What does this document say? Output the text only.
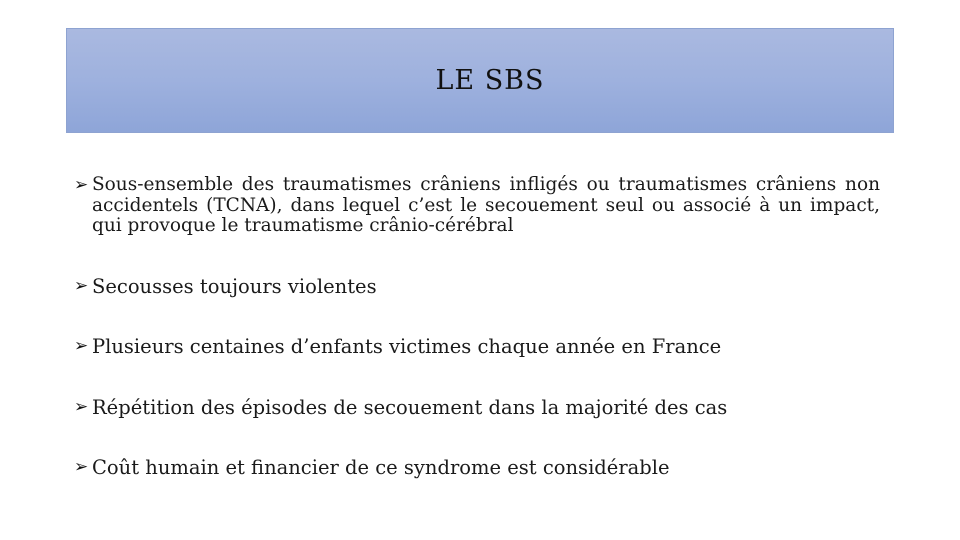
LE SBS
➢ Sous-ensemble des traumatismes crâniens infligés ou traumatismes crâniens non accidentels (TCNA), dans lequel c’est le secouement seul ou associé à un impact, qui provoque le traumatisme crânio-cérébral
➢ Secousses toujours violentes
➢ Plusieurs centaines d’enfants victimes chaque année en France
➢ Répétition des épisodes de secouement dans la majorité des cas
➢ Coût humain et financier de ce syndrome est considérable
